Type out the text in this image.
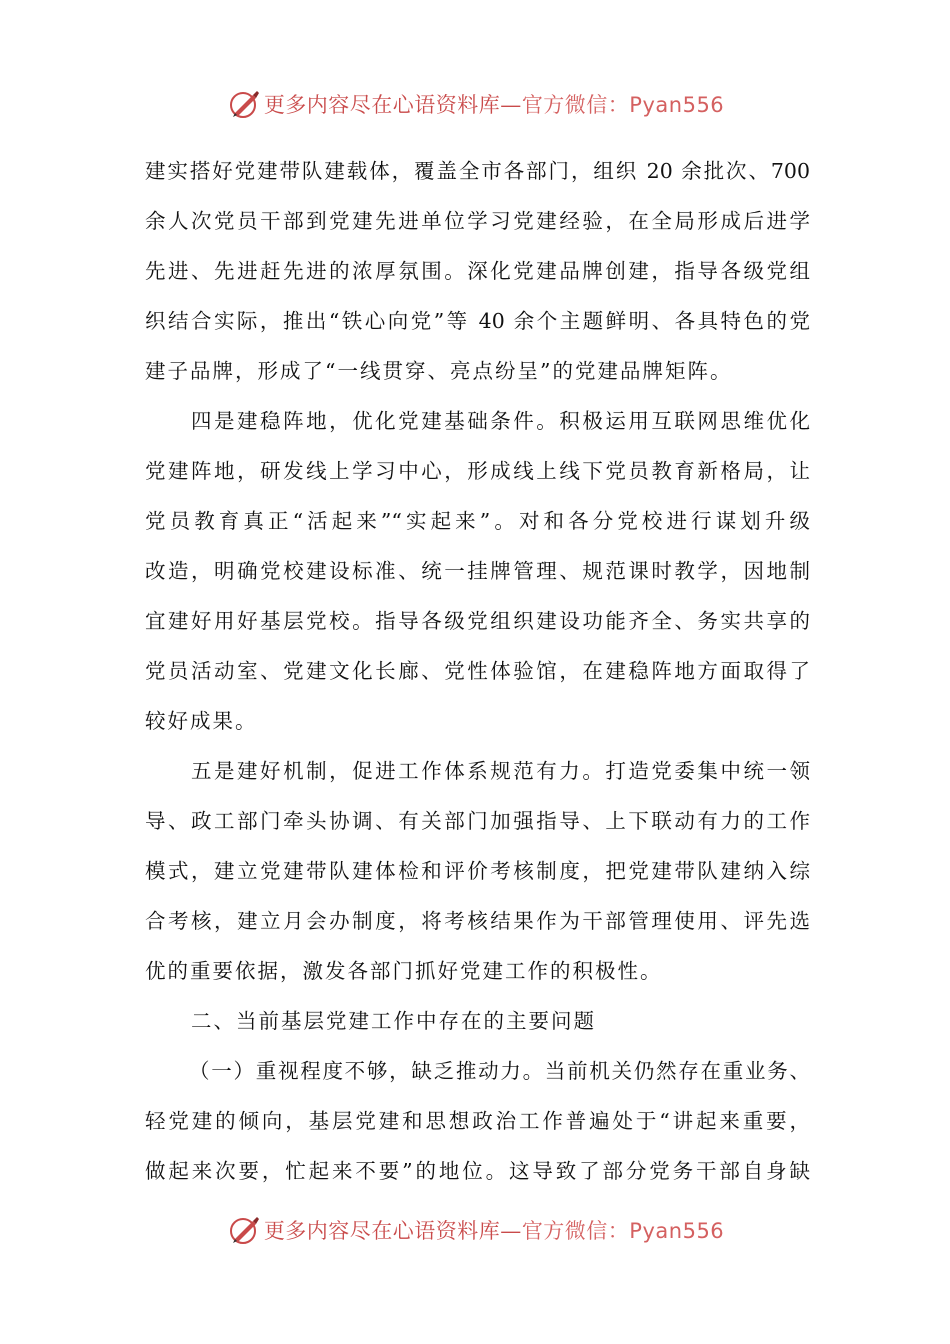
更多内容尽在心语资料库—官方微信：Pyan556
建实搭好党建带队建载体，覆盖全市各部门，组织 20 余批次、700
余人次党员干部到党建先进单位学习党建经验，在全局形成后进学
先进、先进赶先进的浓厚氛围。深化党建品牌创建，指导各级党组
织结合实际，推出“铁心向党”等 40 余个主题鲜明、各具特色的党
建子品牌，形成了“一线贯穿、亮点纷呈”的党建品牌矩阵。
四是建稳阵地，优化党建基础条件。积极运用互联网思维优化
党建阵地，研发线上学习中心，形成线上线下党员教育新格局，让
党员教育真正“活起来”“实起来”。对和各分党校进行谋划升级
改造，明确党校建设标准、统一挂牌管理、规范课时教学，因地制
宜建好用好基层党校。指导各级党组织建设功能齐全、务实共享的
党员活动室、党建文化长廊、党性体验馆，在建稳阵地方面取得了
较好成果。
五是建好机制，促进工作体系规范有力。打造党委集中统一领
导、政工部门牵头协调、有关部门加强指导、上下联动有力的工作
模式，建立党建带队建体检和评价考核制度，把党建带队建纳入综
合考核，建立月会办制度，将考核结果作为干部管理使用、评先选
优的重要依据，激发各部门抓好党建工作的积极性。
二、当前基层党建工作中存在的主要问题
（一）重视程度不够，缺乏推动力。当前机关仍然存在重业务、
轻党建的倾向，基层党建和思想政治工作普遍处于“讲起来重要，
做起来次要，忙起来不要”的地位。这导致了部分党务干部自身缺
更多内容尽在心语资料库—官方微信：Pyan556
